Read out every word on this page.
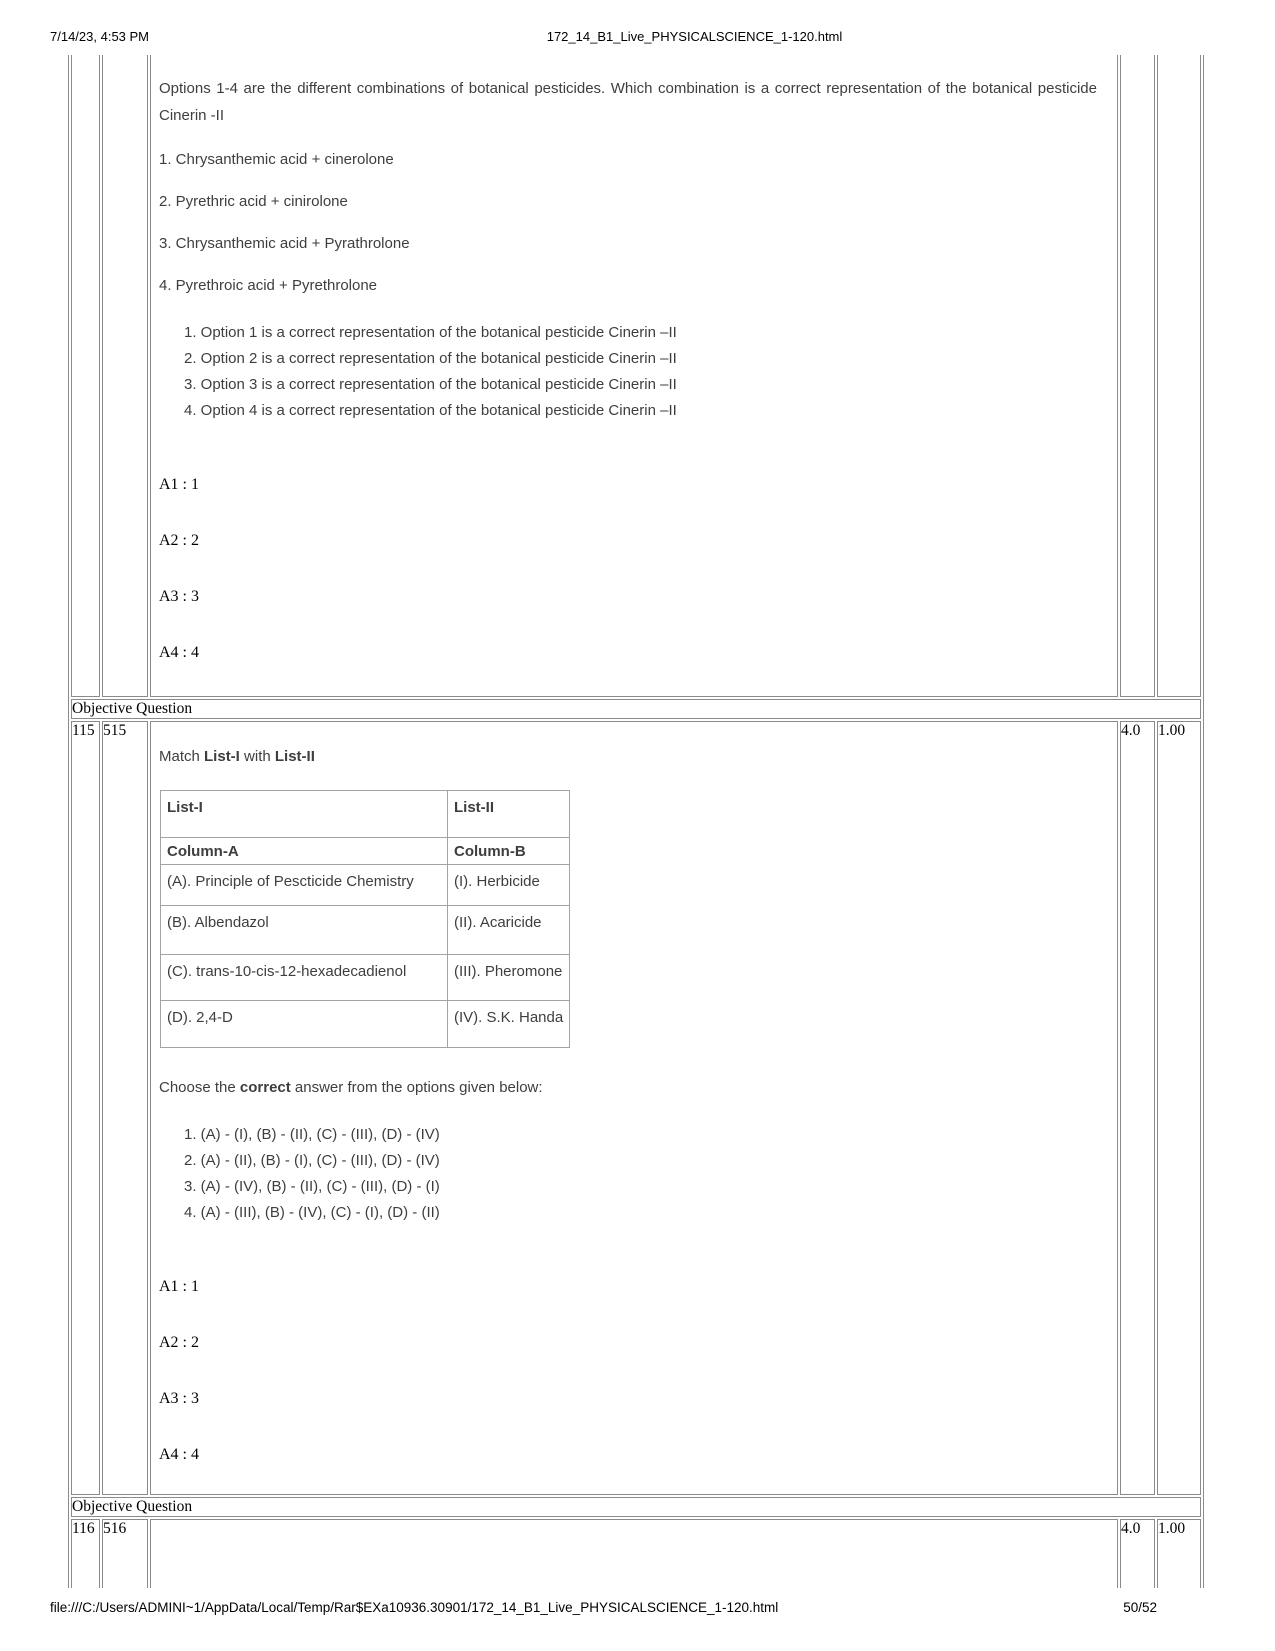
7/14/23, 4:53 PM	172_14_B1_Live_PHYSICALSCIENCE_1-120.html

Options 1-4 are the different combinations of botanical pesticides. Which combination is a correct representation of the botanical pesticide Cinerin -II

1. Chrysanthemic acid + cinerolone

2. Pyrethric acid + cinirolone

3. Chrysanthemic acid + Pyrathrolone

4. Pyrethroic acid + Pyrethrolone

1. Option 1 is a correct representation of the botanical pesticide Cinerin –II
2. Option 2 is a correct representation of the botanical pesticide Cinerin –II
3. Option 3 is a correct representation of the botanical pesticide Cinerin –II
4. Option 4 is a correct representation of the botanical pesticide Cinerin –II

A1 : 1

A2 : 2

A3 : 3

A4 : 4

Objective Question
115	515	

Match List-I with List-II

List-I	List-II
Column-A	Column-B
(A). Principle of Pescticide Chemistry	(I). Herbicide
(B). Albendazol	(II). Acaricide
(C). trans-10-cis-12-hexadecadienol	(III). Pheromone
(D). 2,4-D	(IV). S.K. Handa

Choose the correct answer from the options given below:

1. (A) - (I), (B) - (II), (C) - (III), (D) - (IV)
2. (A) - (II), (B) - (I), (C) - (III), (D) - (IV)
3. (A) - (IV), (B) - (II), (C) - (III), (D) - (I)
4. (A) - (III), (B) - (IV), (C) - (I), (D) - (II)

A1 : 1

A2 : 2

A3 : 3

A4 : 4

	4.0	1.00
Objective Question
116	516		4.0	1.00
file:///C:/Users/ADMINI~1/AppData/Local/Temp/Rar$EXa10936.30901/172_14_B1_Live_PHYSICALSCIENCE_1-120.html	50/52
